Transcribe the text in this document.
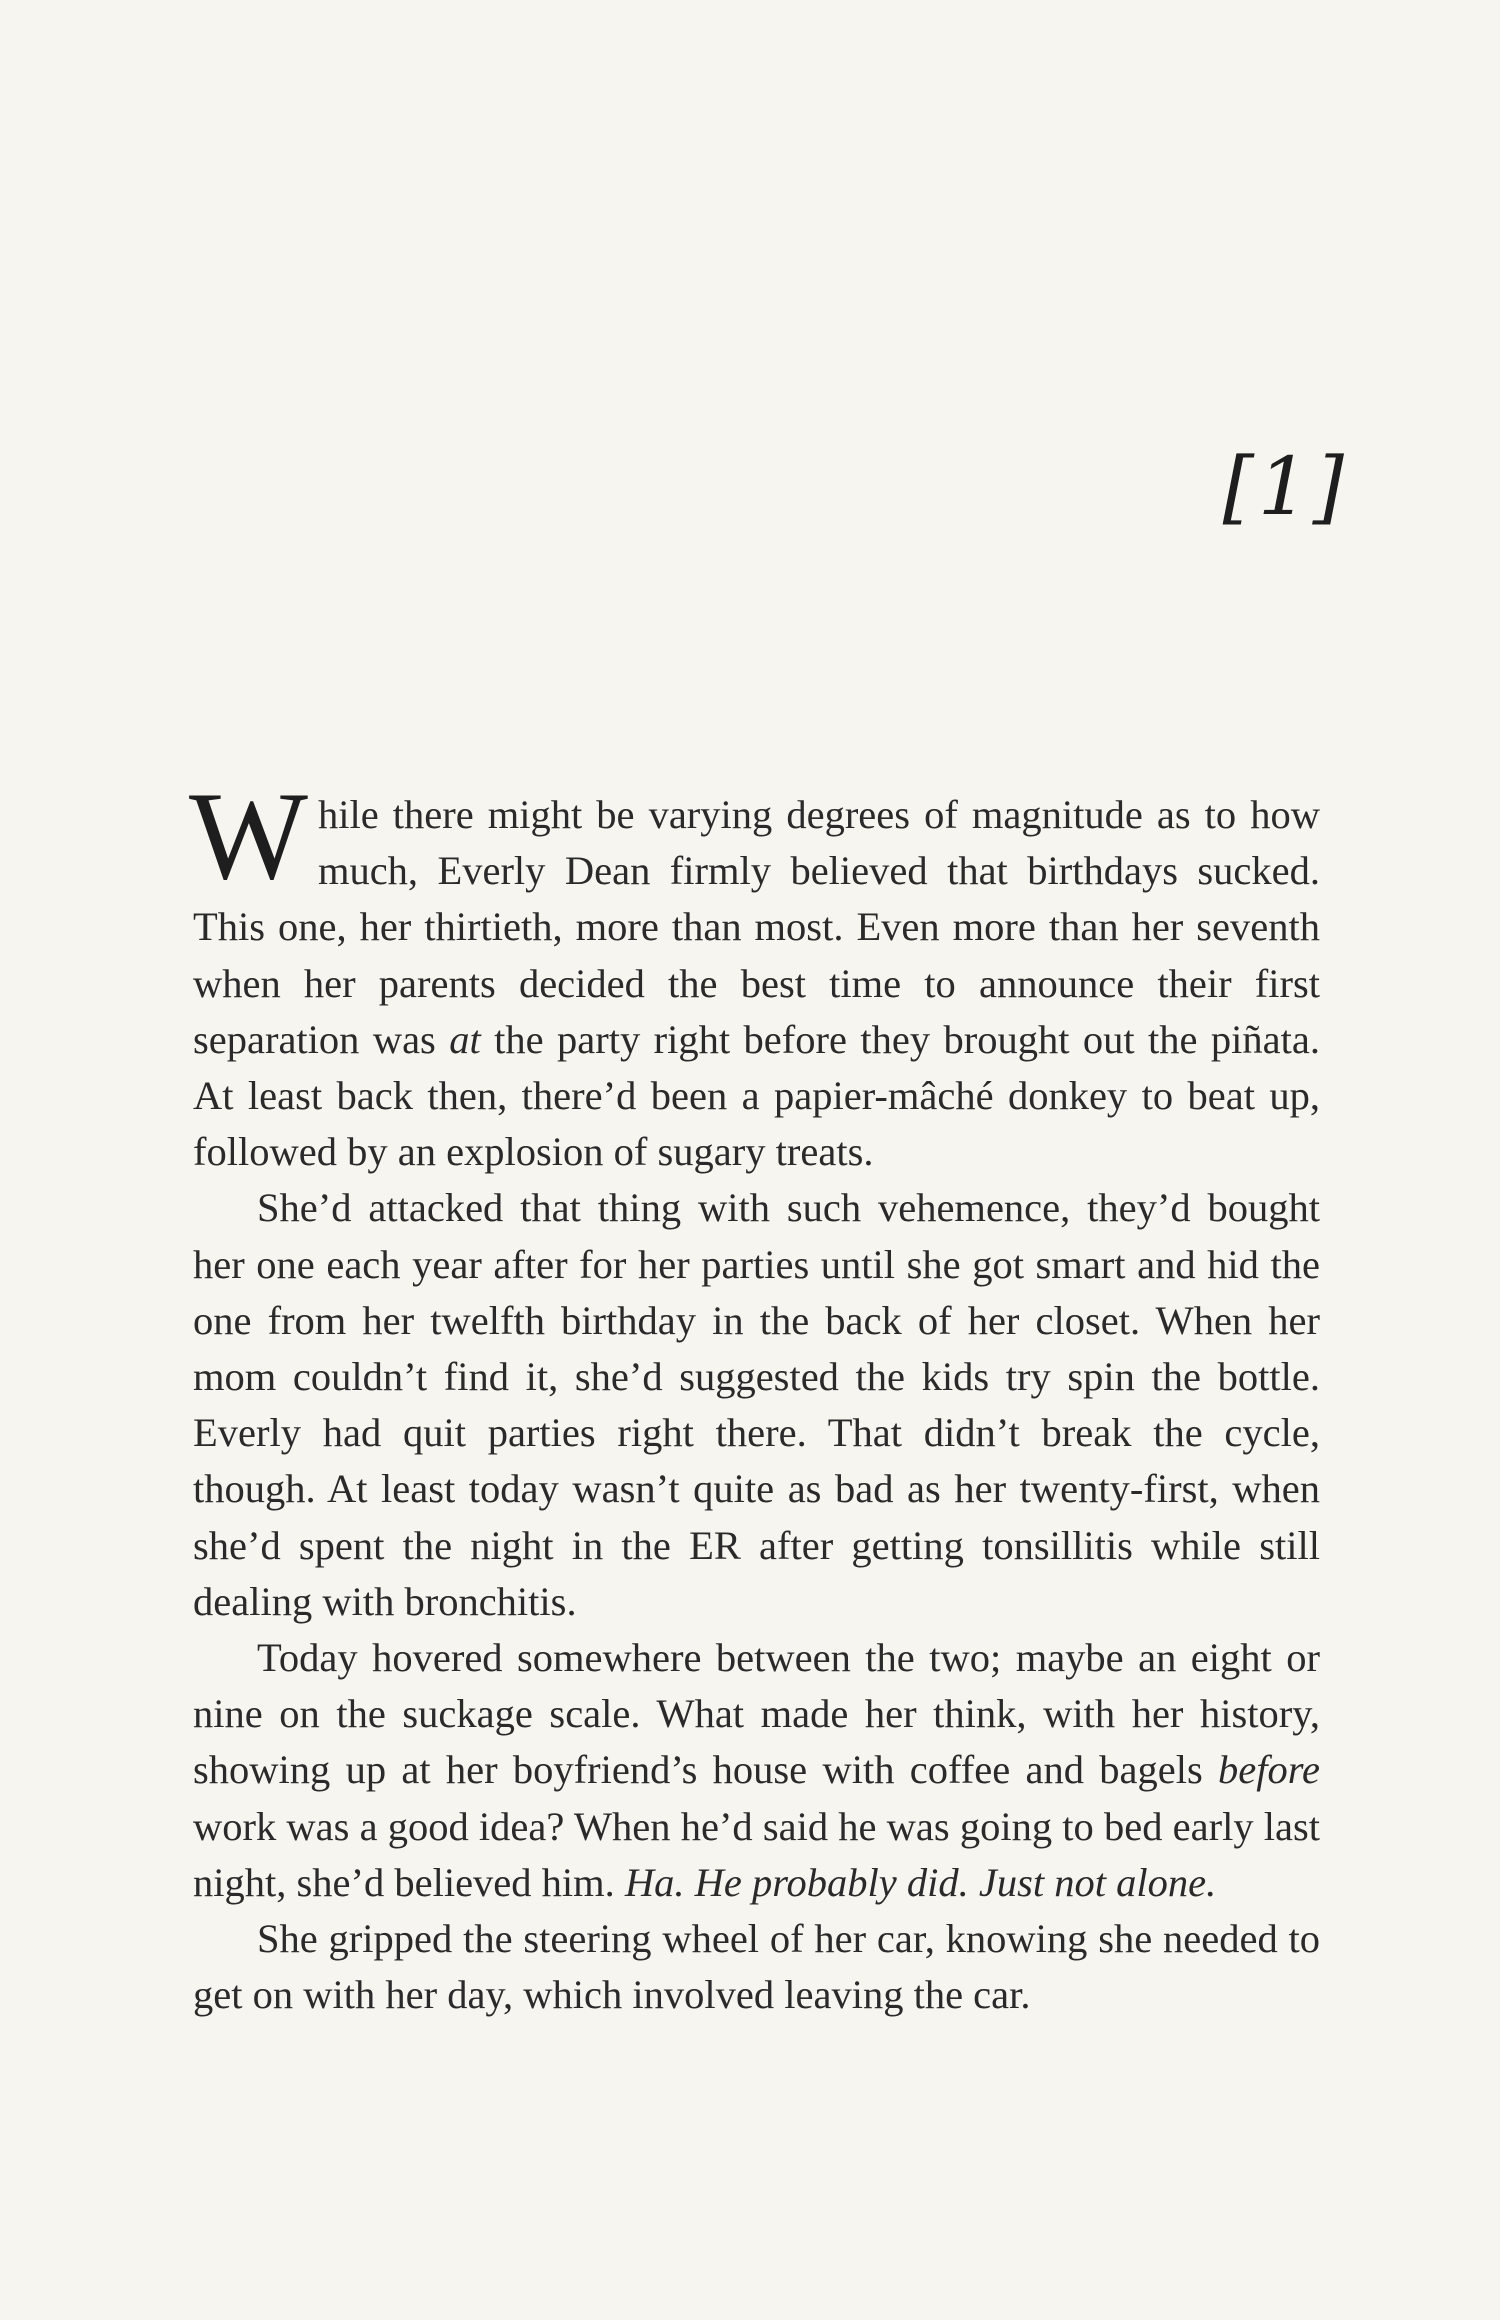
[1]

While there might be varying degrees of magnitude as to how much, Everly Dean firmly believed that birthdays sucked. This one, her thirtieth, more than most. Even more than her seventh when her parents decided the best time to announce their first separation was at the party right before they brought out the piñata. At least back then, there’d been a papier-mâché donkey to beat up, followed by an explosion of sugary treats.

She’d attacked that thing with such vehemence, they’d bought her one each year after for her parties until she got smart and hid the one from her twelfth birthday in the back of her closet. When her mom couldn’t find it, she’d suggested the kids try spin the bottle. Everly had quit parties right there. That didn’t break the cycle, though. At least today wasn’t quite as bad as her twenty-first, when she’d spent the night in the ER after getting tonsillitis while still dealing with bronchitis.

Today hovered somewhere between the two; maybe an eight or nine on the suckage scale. What made her think, with her history, showing up at her boyfriend’s house with coffee and bagels before work was a good idea? When he’d said he was going to bed early last night, she’d believed him. Ha. He probably did. Just not alone.

She gripped the steering wheel of her car, knowing she needed to get on with her day, which involved leaving the car.
